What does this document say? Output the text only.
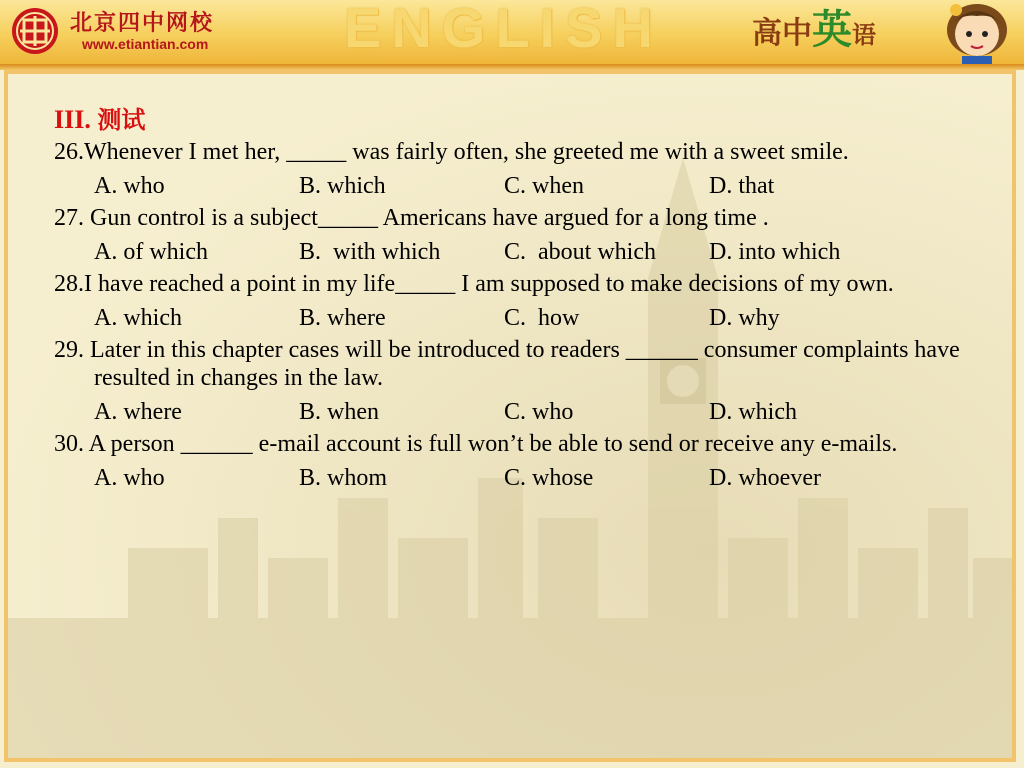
北京四中网校
www.etiantian.com ENGLISH	高中英语
III. 测试

26.Whenever I met her, _____ was fairly often, she greeted me with a sweet smile.

A. who	B. which	C. when	D. that

27. Gun control is a subject_____ Americans have argued for a long time .

A. of which	B.  with which	C.  about which	D. into which

28.I have reached a point in my life_____ I am supposed to make decisions of my own.

A. which	B. where	C.  how	D. why

29. Later in this chapter cases will be introduced to readers ______ consumer complaints have resulted in changes in the law.

A. where	B. when	C. who	D. which

30. A person ______ e-mail account is full won’t be able to send or receive any e-mails.

A. who	B. whom	C. whose	D. whoever
